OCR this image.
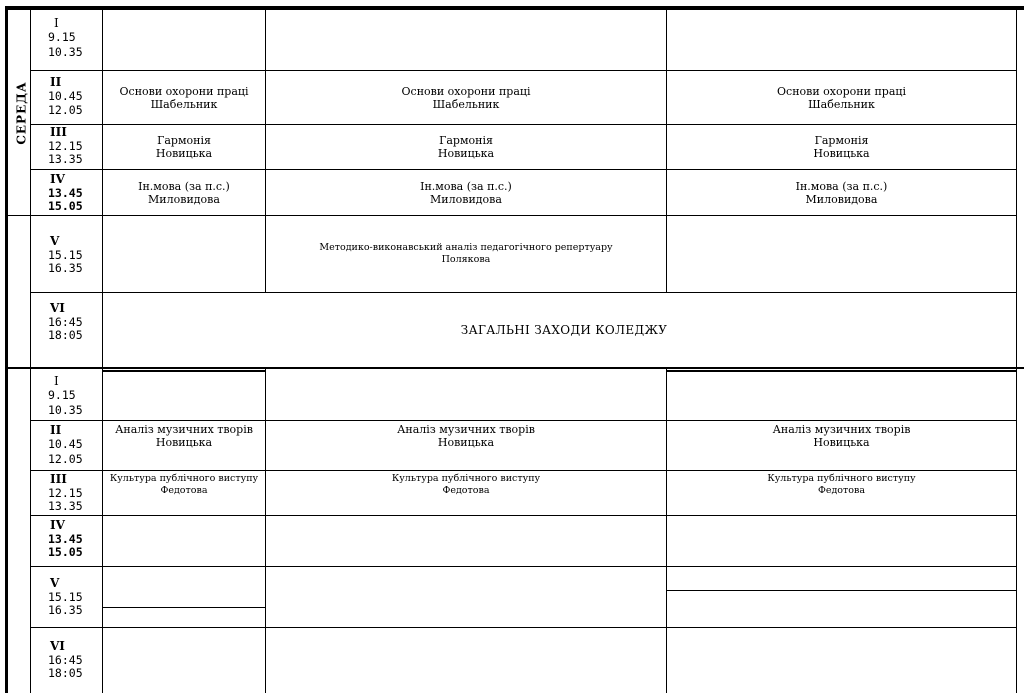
СЕРЕДА
I
9.15
10.35
II
10.45
12.05
III
12.15
13.35
IV
13.45
15.05
V
15.15
16.35
VI
16:45
18:05
Основи охорони праці
Шабельник
Основи охорони праці
Шабельник
Основи охорони праці
Шабельник
Гармонія
Новицька
Гармонія
Новицька
Гармонія
Новицька
Ін.мова (за п.с.)
Миловидова
Ін.мова (за п.с.)
Миловидова
Ін.мова (за п.с.)
Миловидова
Методико-виконавський аналіз педагогічного репертуару
Полякова
ЗАГАЛЬНІ ЗАХОДИ КОЛЕДЖУ
I
9.15
10.35
II
10.45
12.05
III
12.15
13.35
IV
13.45
15.05
V
15.15
16.35
VI
16:45
18:05
Аналіз музичних творів
Новицька
Аналіз музичних творів
Новицька
Аналіз музичних творів
Новицька
Культура публічного виступу
Федотова
Культура публічного виступу
Федотова
Культура публічного виступу
Федотова
